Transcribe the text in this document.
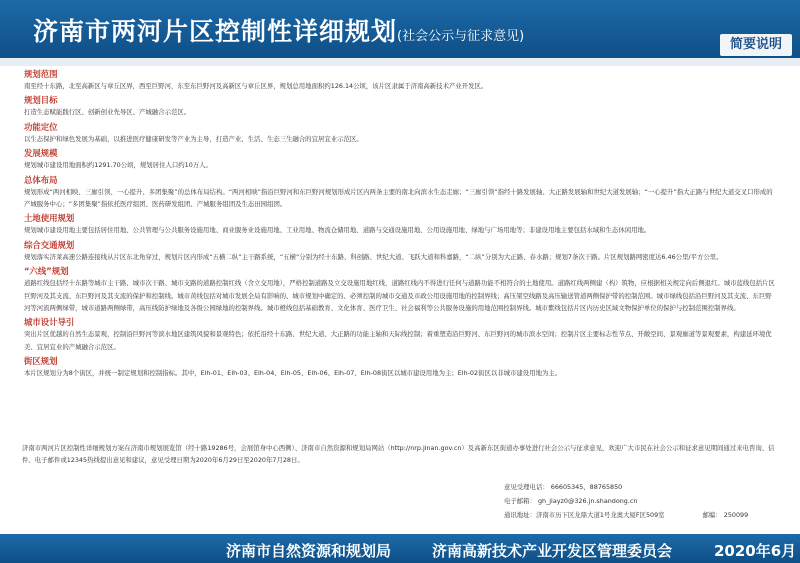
济南市两河片区控制性详细规划(社会公示与征求意见)
简要说明
规划范围
南至经十东路，北至高新区与章丘区界，西至巨野河，东至东巨野河及高新区与章丘区界，规划总用地面积约126.14公顷，该片区隶属于济南高新技术产业开发区。
规划目标
打造生态赋能践行区、创新创业先导区、产城融合示范区。
功能定位
以生态保护和绿色发展为基础，以推进医疗健康研发等产业为主导，打造产业、生活、生态三生融合的宜居宜业示范区。
发展规模
规划城市建设用地面积约1291.70公顷，规划居住人口约10万人。
总体布局
规划形成“两河相映、三廊引领、一心提升、多团集聚”的总体布局结构。“两河相映”指沿巨野河和东巨野河规划形成片区内两条主要的南北向滨水生态走廊；“三廊引领”指经十路发展轴、大正路发展轴和世纪大道发展轴；“一心提升”指大正路与世纪大道交叉口形成的产城服务中心；“多团集聚”指依托医疗组团、医药研发组团、产城服务组团及生态田园组团。
土地使用规划
规划城市建设用地主要包括居住用地、公共管理与公共服务设施用地、商业服务业设施用地、工业用地、物流仓储用地、道路与交通设施用地、公用设施用地、绿地与广场用地等；非建设用地主要包括水域和生态休闲用地。
综合交通规划
规划落实济莱高速公路连接线从片区东北角穿过，规划片区内形成“五横二纵”主干路系统，“五横”分别为经十东路、科创路、世纪大道、飞跃大道和科嘉路，“二纵”分别为大正路、春水路；规划7条次干路。片区规划路网密度达6.46公里/平方公里。
“六线”规划
道路红线包括经十东路等城市主干路、城市次干路、城市支路的道路控制红线（含立交用地），严格控制道路及立交设施用地红线，道路红线内不得进行任何与道路功能不相符合的土地使用。道路红线两侧建（构）筑物，应根据相关规定向后侧退红。城市蓝线包括片区巨野河及其支流、东巨野河及其支流的保护和控制线。城市黄线包括对城市发展全局有影响的、城市规划中确定的、必须控制的城市交通及市政公用设施用地的控制界线；高压架空线路及高压输送管道两侧保护带的控制范围。城市绿线包括沿巨野河及其支流、东巨野河等河流两侧绿带，城市道路两侧绿带，高压线防护绿地及各级公园绿地的控制界线。城市橙线包括基础教育、文化体育、医疗卫生、社会福利等公共服务设施的用地范围控制界线。城市紫线包括片区内历史区域文物保护单位的保护与控制范围控制界线。
城市设计导引
突出片区优越的自然生态景观，控制沿巨野河等滨水地区建筑风貌和景观特色；依托沿经十东路、世纪大道、大正路的功能主轴和天际线控制；着重塑造沿巨野河、东巨野河的城市滨水空间；控制片区主要标志性节点、开敞空间、景观廊道等景观要素，构建延环境优美、宜居宜业的产城融合示范区。
街区规划
本片区规划分为8个街区，并统一制定规划和控制指标。其中，Elh-01、Elh-03、Elh-04、Elh-05、Elh-06、Elh-07、Elh-08街区以城市建设用地为主；Elh-02街区以非城市建设用地为主。
济南市两河片区控制性详细规划方案在济南市规划展览馆（经十路19286号，会展馆身中心西侧）、济南市自然资源和规划局网站（http://nrp.jinan.gov.cn）及高新东区街道办事处进行社会公示与征求意见，欢迎广大市民在社会公示和征求意见期间通过来电咨询、信件、电子邮件或12345热线提出意见和建议，意见受理日期为2020年6月29日至2020年7月28日。
意见受理电话： 66605345、88765850
电子邮箱： gh_jiayz0@326.jn.shandong.cn
通讯地址：济南市历下区龙鼎大道1号龙奥大厦F区509室	邮编： 250099
济南市自然资源和规划局	济南高新技术产业开发区管理委员会	2020年6月
